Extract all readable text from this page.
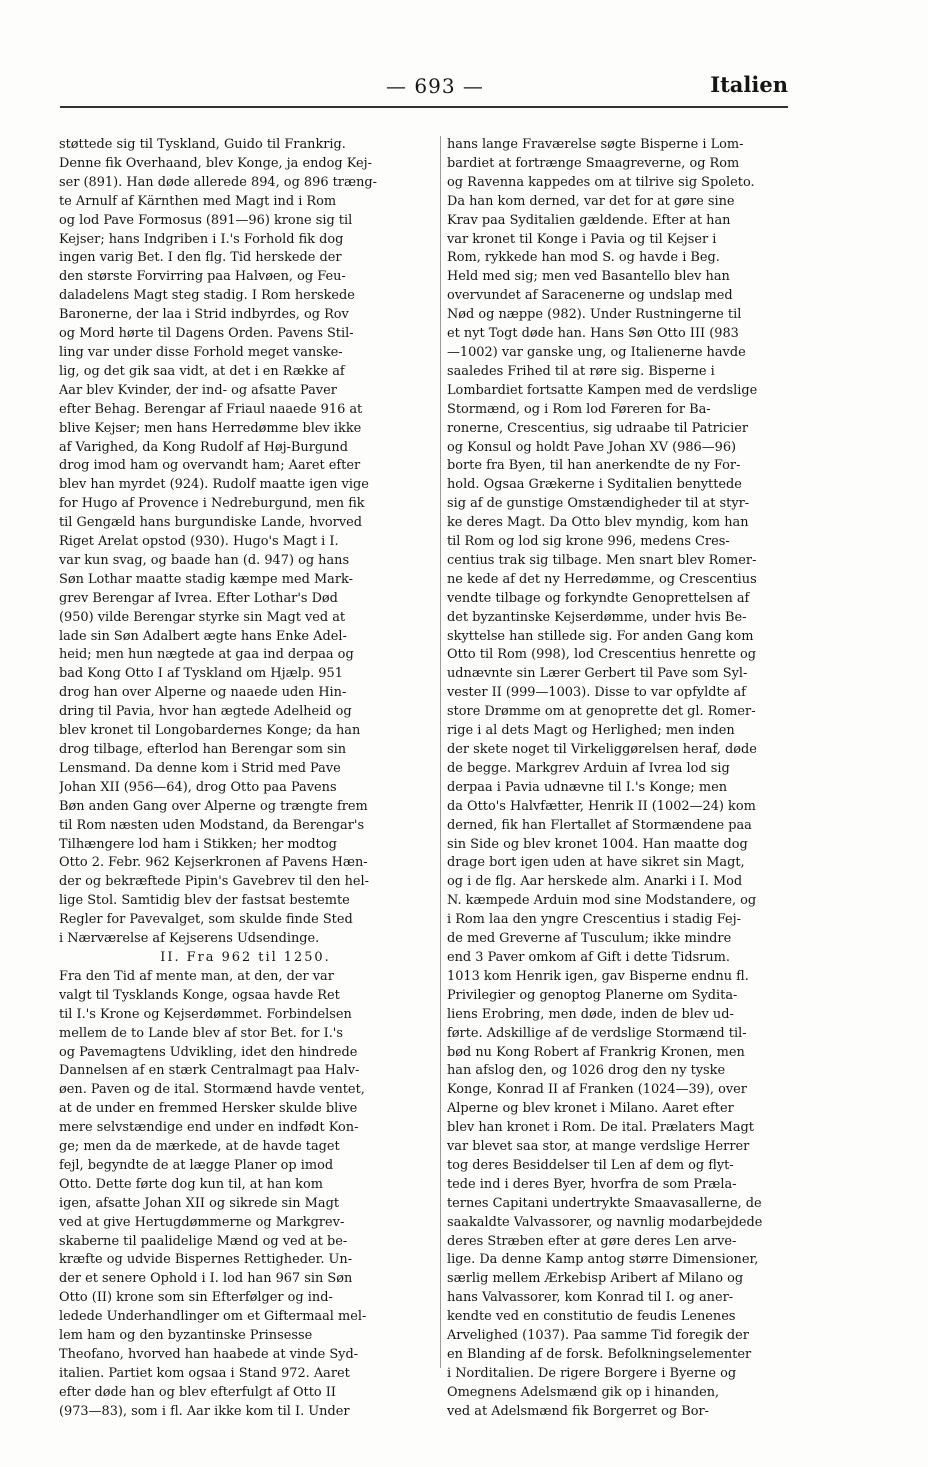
— 693 —	Italien
støttede sig til Tyskland, Guido til Frankrig.
Denne fik Overhaand, blev Konge, ja endog Kej-
ser (891). Han døde allerede 894, og 896 træng-
te Arnulf af Kärnthen med Magt ind i Rom
og lod Pave Formosus (891—96) krone sig til
Kejser; hans Indgriben i I.'s Forhold fik dog
ingen varig Bet. I den flg. Tid herskede der
den største Forvirring paa Halvøen, og Feu-
daladelens Magt steg stadig. I Rom herskede
Baronerne, der laa i Strid indbyrdes, og Rov
og Mord hørte til Dagens Orden. Pavens Stil-
ling var under disse Forhold meget vanske-
lig, og det gik saa vidt, at det i en Række af
Aar blev Kvinder, der ind- og afsatte Paver
efter Behag. Berengar af Friaul naaede 916 at
blive Kejser; men hans Herredømme blev ikke
af Varighed, da Kong Rudolf af Høj-Burgund
drog imod ham og overvandt ham; Aaret efter
blev han myrdet (924). Rudolf maatte igen vige
for Hugo af Provence i Nedreburgund, men fik
til Gengæld hans burgundiske Lande, hvorved
Riget Arelat opstod (930). Hugo's Magt i I.
var kun svag, og baade han (d. 947) og hans
Søn Lothar maatte stadig kæmpe med Mark-
grev Berengar af Ivrea. Efter Lothar's Død
(950) vilde Berengar styrke sin Magt ved at
lade sin Søn Adalbert ægte hans Enke Adel-
heid; men hun nægtede at gaa ind derpaa og
bad Kong Otto I af Tyskland om Hjælp. 951
drog han over Alperne og naaede uden Hin-
dring til Pavia, hvor han ægtede Adelheid og
blev kronet til Longobardernes Konge; da han
drog tilbage, efterlod han Berengar som sin
Lensmand. Da denne kom i Strid med Pave
Johan XII (956—64), drog Otto paa Pavens
Bøn anden Gang over Alperne og trængte frem
til Rom næsten uden Modstand, da Berengar's
Tilhængere lod ham i Stikken; her modtog
Otto 2. Febr. 962 Kejserkronen af Pavens Hæn-
der og bekræftede Pipin's Gavebrev til den hel-
lige Stol. Samtidig blev der fastsat bestemte
Regler for Pavevalget, som skulde finde Sted
i Nærværelse af Kejserens Udsendinge.
II. Fra 962 til 1250.
Fra den Tid af mente man, at den, der var
valgt til Tysklands Konge, ogsaa havde Ret
til I.'s Krone og Kejserdømmet. Forbindelsen
mellem de to Lande blev af stor Bet. for I.'s
og Pavemagtens Udvikling, idet den hindrede
Dannelsen af en stærk Centralmagt paa Halv-
øen. Paven og de ital. Stormænd havde ventet,
at de under en fremmed Hersker skulde blive
mere selvstændige end under en indfødt Kon-
ge; men da de mærkede, at de havde taget
fejl, begyndte de at lægge Planer op imod
Otto. Dette førte dog kun til, at han kom
igen, afsatte Johan XII og sikrede sin Magt
ved at give Hertugdømmerne og Markgrev-
skaberne til paalidelige Mænd og ved at be-
kræfte og udvide Bispernes Rettigheder. Un-
der et senere Ophold i I. lod han 967 sin Søn
Otto (II) krone som sin Efterfølger og ind-
ledede Underhandlinger om et Giftermaal mel-
lem ham og den byzantinske Prinsesse
Theofano, hvorved han haabede at vinde Syd-
italien. Partiet kom ogsaa i Stand 972. Aaret
efter døde han og blev efterfulgt af Otto II
(973—83), som i fl. Aar ikke kom til I. Under
hans lange Fraværelse søgte Bisperne i Lom-
bardiet at fortrænge Smaagreverne, og Rom
og Ravenna kappedes om at tilrive sig Spoleto.
Da han kom derned, var det for at gøre sine
Krav paa Syditalien gældende. Efter at han
var kronet til Konge i Pavia og til Kejser i
Rom, rykkede han mod S. og havde i Beg.
Held med sig; men ved Basantello blev han
overvundet af Saracenerne og undslap med
Nød og næppe (982). Under Rustningerne til
et nyt Togt døde han. Hans Søn Otto III (983
—1002) var ganske ung, og Italienerne havde
saaledes Frihed til at røre sig. Bisperne i
Lombardiet fortsatte Kampen med de verdslige
Stormænd, og i Rom lod Føreren for Ba-
ronerne, Crescentius, sig udraabe til Patricier
og Konsul og holdt Pave Johan XV (986—96)
borte fra Byen, til han anerkendte de ny For-
hold. Ogsaa Grækerne i Syditalien benyttede
sig af de gunstige Omstændigheder til at styr-
ke deres Magt. Da Otto blev myndig, kom han
til Rom og lod sig krone 996, medens Cres-
centius trak sig tilbage. Men snart blev Romer-
ne kede af det ny Herredømme, og Crescentius
vendte tilbage og forkyndte Genoprettelsen af
det byzantinske Kejserdømme, under hvis Be-
skyttelse han stillede sig. For anden Gang kom
Otto til Rom (998), lod Crescentius henrette og
udnævnte sin Lærer Gerbert til Pave som Syl-
vester II (999—1003). Disse to var opfyldte af
store Drømme om at genoprette det gl. Romer-
rige i al dets Magt og Herlighed; men inden
der skete noget til Virkeliggørelsen heraf, døde
de begge. Markgrev Arduin af Ivrea lod sig
derpaa i Pavia udnævne til I.'s Konge; men
da Otto's Halvfætter, Henrik II (1002—24) kom
derned, fik han Flertallet af Stormændene paa
sin Side og blev kronet 1004. Han maatte dog
drage bort igen uden at have sikret sin Magt,
og i de flg. Aar herskede alm. Anarki i I. Mod
N. kæmpede Arduin mod sine Modstandere, og
i Rom laa den yngre Crescentius i stadig Fej-
de med Greverne af Tusculum; ikke mindre
end 3 Paver omkom af Gift i dette Tidsrum.
1013 kom Henrik igen, gav Bisperne endnu fl.
Privilegier og genoptog Planerne om Syditа-
liens Erobring, men døde, inden de blev ud-
førte. Adskillige af de verdslige Stormænd til-
bød nu Kong Robert af Frankrig Kronen, men
han afslog den, og 1026 drog den ny tyske
Konge, Konrad II af Franken (1024—39), over
Alperne og blev kronet i Milano. Aaret efter
blev han kronet i Rom. De ital. Prælaters Magt
var blevet saa stor, at mange verdslige Herrer
tog deres Besiddelser til Len af dem og flyt-
tede ind i deres Byer, hvorfra de som Præla-
ternes Capitani undertrykte Smaavasallerne, de
saakaldte Valvassorer, og navnlig modarbejdede
deres Stræben efter at gøre deres Len arve-
lige. Da denne Kamp antog større Dimensioner,
særlig mellem Ærkebisp Aribert af Milano og
hans Valvassorer, kom Konrad til I. og aner-
kendte ved en constitutio de feudis Lenenes
Arvelighed (1037). Paa samme Tid foregik der
en Blanding af de forsk. Befolkningselementer
i Norditalien. De rigere Borgere i Byerne og
Omegnens Adelsmænd gik op i hinanden,
ved at Adelsmænd fik Borgerret og Bor-
